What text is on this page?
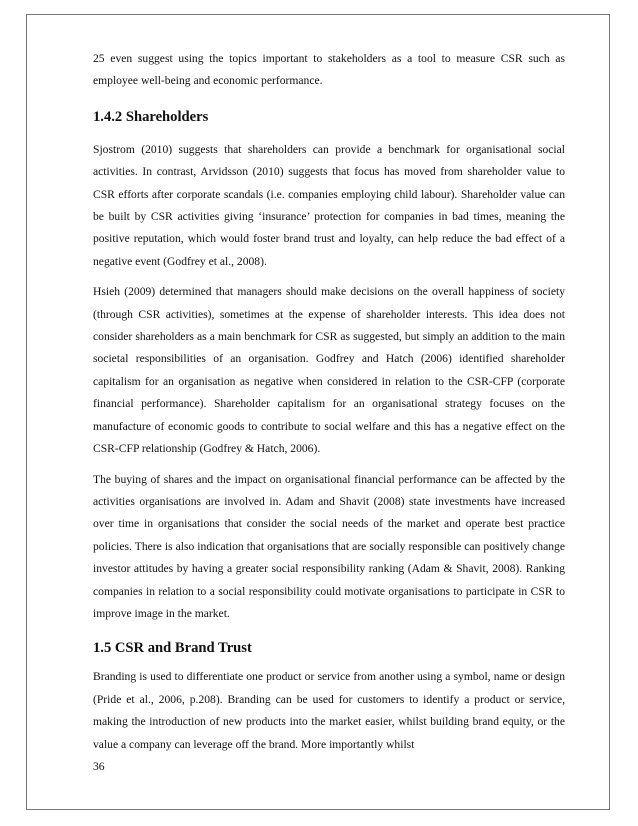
25 even suggest using the topics important to stakeholders as a tool to measure CSR such as employee well-being and economic performance.

1.4.2 Shareholders

Sjostrom (2010) suggests that shareholders can provide a benchmark for organisational social activities. In contrast, Arvidsson (2010) suggests that focus has moved from shareholder value to CSR efforts after corporate scandals (i.e. companies employing child labour). Shareholder value can be built by CSR activities giving ‘insurance’ protection for companies in bad times, meaning the positive reputation, which would foster brand trust and loyalty, can help reduce the bad effect of a negative event (Godfrey et al., 2008).

Hsieh (2009) determined that managers should make decisions on the overall happiness of society (through CSR activities), sometimes at the expense of shareholder interests. This idea does not consider shareholders as a main benchmark for CSR as suggested, but simply an addition to the main societal responsibilities of an organisation. Godfrey and Hatch (2006) identified shareholder capitalism for an organisation as negative when considered in relation to the CSR-CFP (corporate financial performance). Shareholder capitalism for an organisational strategy focuses on the manufacture of economic goods to contribute to social welfare and this has a negative effect on the CSR-CFP relationship (Godfrey & Hatch, 2006).

The buying of shares and the impact on organisational financial performance can be affected by the activities organisations are involved in. Adam and Shavit (2008) state investments have increased over time in organisations that consider the social needs of the market and operate best practice policies. There is also indication that organisations that are socially responsible can positively change investor attitudes by having a greater social responsibility ranking (Adam & Shavit, 2008). Ranking companies in relation to a social responsibility could motivate organisations to participate in CSR to improve image in the market.

1.5 CSR and Brand Trust

Branding is used to differentiate one product or service from another using a symbol, name or design (Pride et al., 2006, p.208). Branding can be used for customers to identify a product or service, making the introduction of new products into the market easier, whilst building brand equity, or the value a company can leverage off the brand. More importantly whilst

36
